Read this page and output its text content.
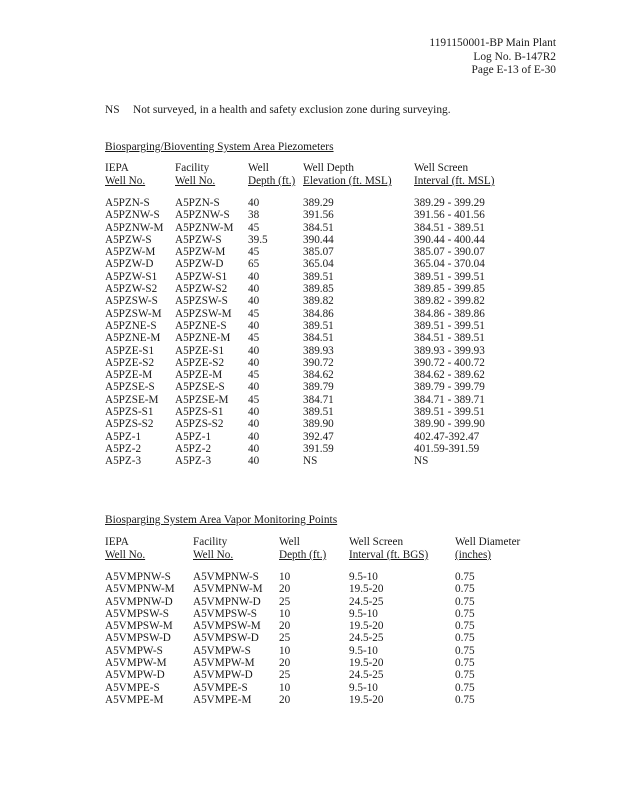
1191150001-BP Main Plant
Log No. B-147R2
Page E-13 of E-30
NS Not surveyed, in a health and safety exclusion zone during surveying.
Biosparging/Bioventing System Area Piezometers
IEPA	Facility	Well	Well Depth	Well Screen
Well No.	Well No.	Depth (ft.)	Elevation (ft. MSL)	Interval (ft. MSL)

A5PZN-S	A5PZN-S	40	389.29	389.29 - 399.29
A5PZNW-S	A5PZNW-S	38	391.56	391.56 - 401.56
A5PZNW-M	A5PZNW-M	45	384.51	384.51 - 389.51
A5PZW-S	A5PZW-S	39.5	390.44	390.44 - 400.44
A5PZW-M	A5PZW-M	45	385.07	385.07 - 390.07
A5PZW-D	A5PZW-D	65	365.04	365.04 - 370.04
A5PZW-S1	A5PZW-S1	40	389.51	389.51 - 399.51
A5PZW-S2	A5PZW-S2	40	389.85	389.85 - 399.85
A5PZSW-S	A5PZSW-S	40	389.82	389.82 - 399.82
A5PZSW-M	A5PZSW-M	45	384.86	384.86 - 389.86
A5PZNE-S	A5PZNE-S	40	389.51	389.51 - 399.51
A5PZNE-M	A5PZNE-M	45	384.51	384.51 - 389.51
A5PZE-S1	A5PZE-S1	40	389.93	389.93 - 399.93
A5PZE-S2	A5PZE-S2	40	390.72	390.72 - 400.72
A5PZE-M	A5PZE-M	45	384.62	384.62 - 389.62
A5PZSE-S	A5PZSE-S	40	389.79	389.79 - 399.79
A5PZSE-M	A5PZSE-M	45	384.71	384.71 - 389.71
A5PZS-S1	A5PZS-S1	40	389.51	389.51 - 399.51
A5PZS-S2	A5PZS-S2	40	389.90	389.90 - 399.90
A5PZ-1	A5PZ-1	40	392.47	402.47-392.47
A5PZ-2	A5PZ-2	40	391.59	401.59-391.59
A5PZ-3	A5PZ-3	40	NS	NS
Biosparging System Area Vapor Monitoring Points
IEPA	Facility	Well	Well Screen	Well Diameter
Well No.	Well No.	Depth (ft.)	Interval (ft. BGS)	(inches)

A5VMPNW-S	A5VMPNW-S	10	9.5-10	0.75
A5VMPNW-M	A5VMPNW-M	20	19.5-20	0.75
A5VMPNW-D	A5VMPNW-D	25	24.5-25	0.75
A5VMPSW-S	A5VMPSW-S	10	9.5-10	0.75
A5VMPSW-M	A5VMPSW-M	20	19.5-20	0.75
A5VMPSW-D	A5VMPSW-D	25	24.5-25	0.75
A5VMPW-S	A5VMPW-S	10	9.5-10	0.75
A5VMPW-M	A5VMPW-M	20	19.5-20	0.75
A5VMPW-D	A5VMPW-D	25	24.5-25	0.75
A5VMPE-S	A5VMPE-S	10	9.5-10	0.75
A5VMPE-M	A5VMPE-M	20	19.5-20	0.75
